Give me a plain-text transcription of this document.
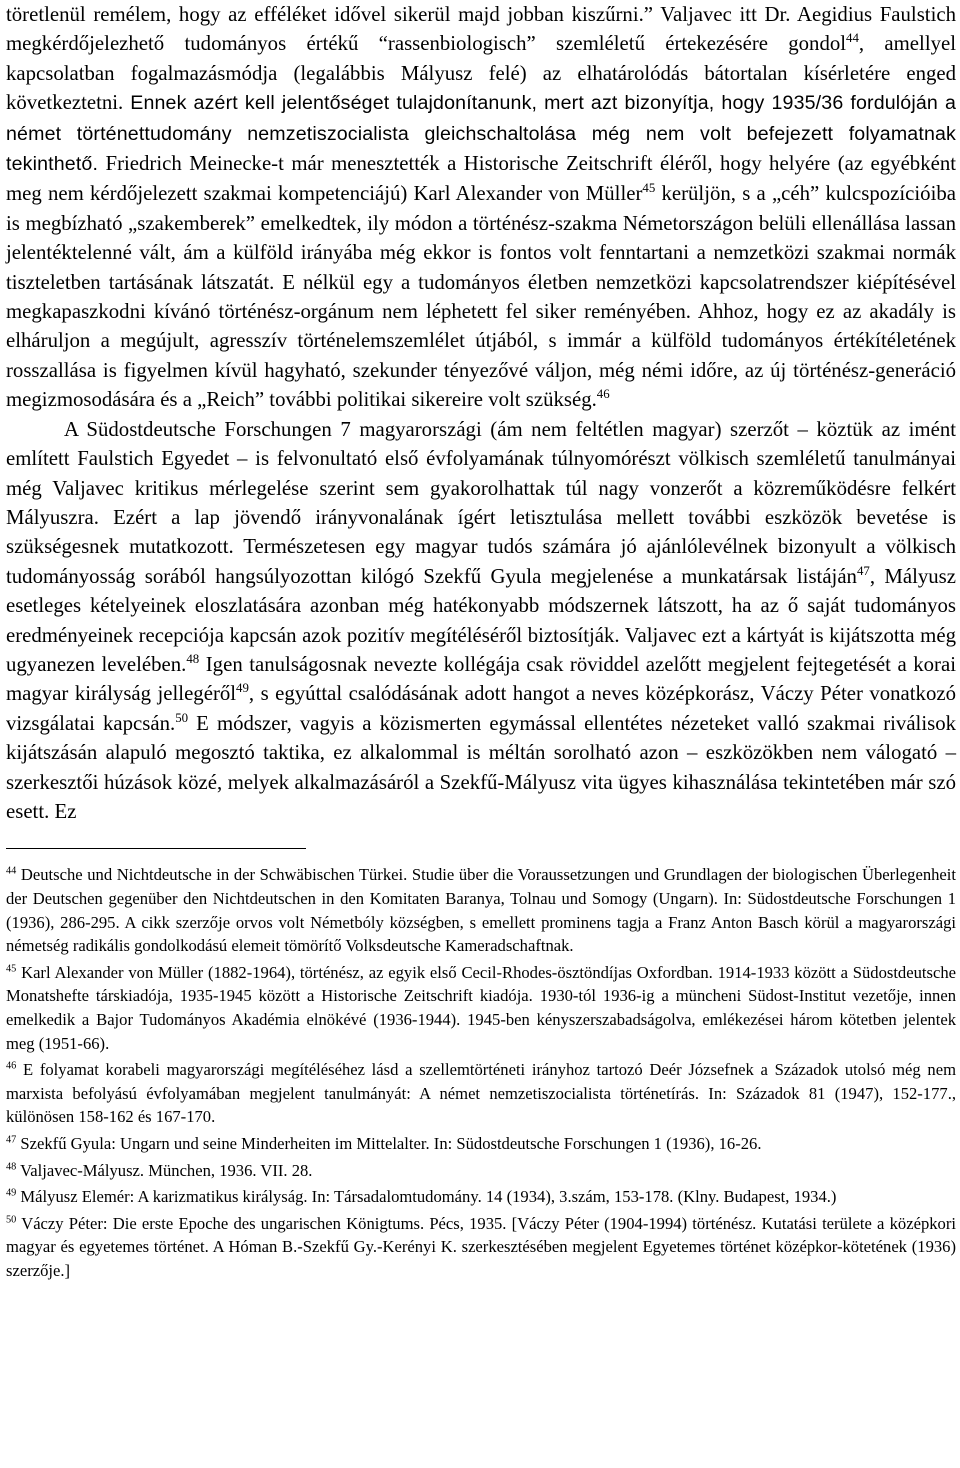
töretlenül remélem, hogy az efféléket idővel sikerül majd jobban kiszűrni.” Valjavec itt Dr. Aegidius Faulstich megkérdőjelezhető tudományos értékű “rassenbiologisch” szemléletű értekezésére gondol$^{44}$, amellyel kapcsolatban fogalmazásmódja (legalábbis Mályusz felé) az elhatárolódás bátortalan kísérletére enged következtetni. Ennek azért kell jelentőséget tulajdonítanunk, mert azt bizonyítja, hogy 1935/36 fordulóján a német történettudomány nemzetiszocialista gleichschaltolása még nem volt befejezett folyamatnak tekinthető. Friedrich Meinecke-t már menesztették a Historische Zeitschrift éléről, hogy helyére (az egyébként meg nem kérdőjelezett szakmai kompetenciájú) Karl Alexander von Müller$^{45}$ kerüljön, s a „céh” kulcspozícióiba is megbízható „szakemberek” emelkedtek, ily módon a történész-szakma Németországon belüli ellenállása lassan jelentéktelenné vált, ám a külföld irányába még ekkor is fontos volt fenntartani a nemzetközi szakmai normák tiszteletben tartásának látszatát. E nélkül egy a tudományos életben nemzetközi kapcsolatrendszer kiépítésével megkapaszkodni kívánó történész-orgánum nem léphetett fel siker reményében. Ahhoz, hogy ez az akadály is elháruljon a megújult, agresszív történelemszemlélet útjából, s immár a külföld tudományos értékítéletének rosszallása is figyelmen kívül hagyható, szekunder tényezővé váljon, még némi időre, az új történész-generáció megizmosodására és a „Reich” további politikai sikereire volt szükség.$^{46}$

A Südostdeutsche Forschungen 7 magyarországi (ám nem feltétlen magyar) szerzőt – köztük az imént említett Faulstich Egyedet – is felvonultató első évfolyamának túlnyomórészt völkisch szemléletű tanulmányai még Valjavec kritikus mérlegelése szerint sem gyakorolhattak túl nagy vonzerőt a közreműködésre felkért Mályuszra. Ezért a lap jövendő irányvonalának ígért letisztulása mellett további eszközök bevetése is szükségesnek mutatkozott. Természetesen egy magyar tudós számára jó ajánlólevélnek bizonyult a völkisch tudományosság sorából hangsúlyozottan kilógó Szekfű Gyula megjelenése a munkatársak listáján$^{47}$, Mályusz esetleges kételyeinek eloszlatására azonban még hatékonyabb módszernek látszott, ha az ő saját tudományos eredményeinek recepciója kapcsán azok pozitív megítéléséről biztosítják. Valjavec ezt a kártyát is kijátszotta még ugyanezen levelében.$^{48}$ Igen tanulságosnak nevezte kollégája csak röviddel azelőtt megjelent fejtegetését a korai magyar királyság jellegéről$^{49}$, s egyúttal csalódásának adott hangot a neves középkorász, Váczy Péter vonatkozó vizsgálatai kapcsán.$^{50}$ E módszer, vagyis a közismerten egymással ellentétes nézeteket valló szakmai riválisok kijátszásán alapuló megosztó taktika, ez alkalommal is méltán sorolható azon – eszközökben nem válogató – szerkesztői húzások közé, melyek alkalmazásáról a Szekfű-Mályusz vita ügyes kihasználása tekintetében már szó esett. Ez

$^{44}$ Deutsche und Nichtdeutsche in der Schwäbischen Türkei. Studie über die Voraussetzungen und Grundlagen der biologischen Überlegenheit der Deutschen gegenüber den Nichtdeutschen in den Komitaten Baranya, Tolnau und Somogy (Ungarn). In: Südostdeutsche Forschungen 1 (1936), 286-295. A cikk szerzője orvos volt Németbóly községben, s emellett prominens tagja a Franz Anton Basch körül a magyarországi németség radikális gondolkodású elemeit tömörítő Volksdeutsche Kameradschaftnak.

$^{45}$ Karl Alexander von Müller (1882-1964), történész, az egyik első Cecil-Rhodes-ösztöndíjas Oxfordban. 1914-1933 között a Südostdeutsche Monatshefte társkiadója, 1935-1945 között a Historische Zeitschrift kiadója. 1930-tól 1936-ig a müncheni Südost-Institut vezetője, innen emelkedik a Bajor Tudományos Akadémia elnökévé (1936-1944). 1945-ben kényszerszabadságolva, emlékezései három kötetben jelentek meg (1951-66).

$^{46}$ E folyamat korabeli magyarországi megítéléséhez lásd a szellemtörténeti irányhoz tartozó Deér Józsefnek a Századok utolsó még nem marxista befolyású évfolyamában megjelent tanulmányát: A német nemzetiszocialista történetírás. In: Századok 81 (1947), 152-177., különösen 158-162 és 167-170.

$^{47}$ Szekfű Gyula: Ungarn und seine Minderheiten im Mittelalter. In: Südostdeutsche Forschungen 1 (1936), 16-26.

$^{48}$ Valjavec-Mályusz. München, 1936. VII. 28.

$^{49}$ Mályusz Elemér: A karizmatikus királyság. In: Társadalomtudomány. 14 (1934), 3.szám, 153-178. (Klny. Budapest, 1934.)

$^{50}$ Váczy Péter: Die erste Epoche des ungarischen Königtums. Pécs, 1935. [Váczy Péter (1904-1994) történész. Kutatási területe a középkori magyar és egyetemes történet. A Hóman B.-Szekfű Gy.-Kerényi K. szerkesztésében megjelent Egyetemes történet középkor-kötetének (1936) szerzője.]
